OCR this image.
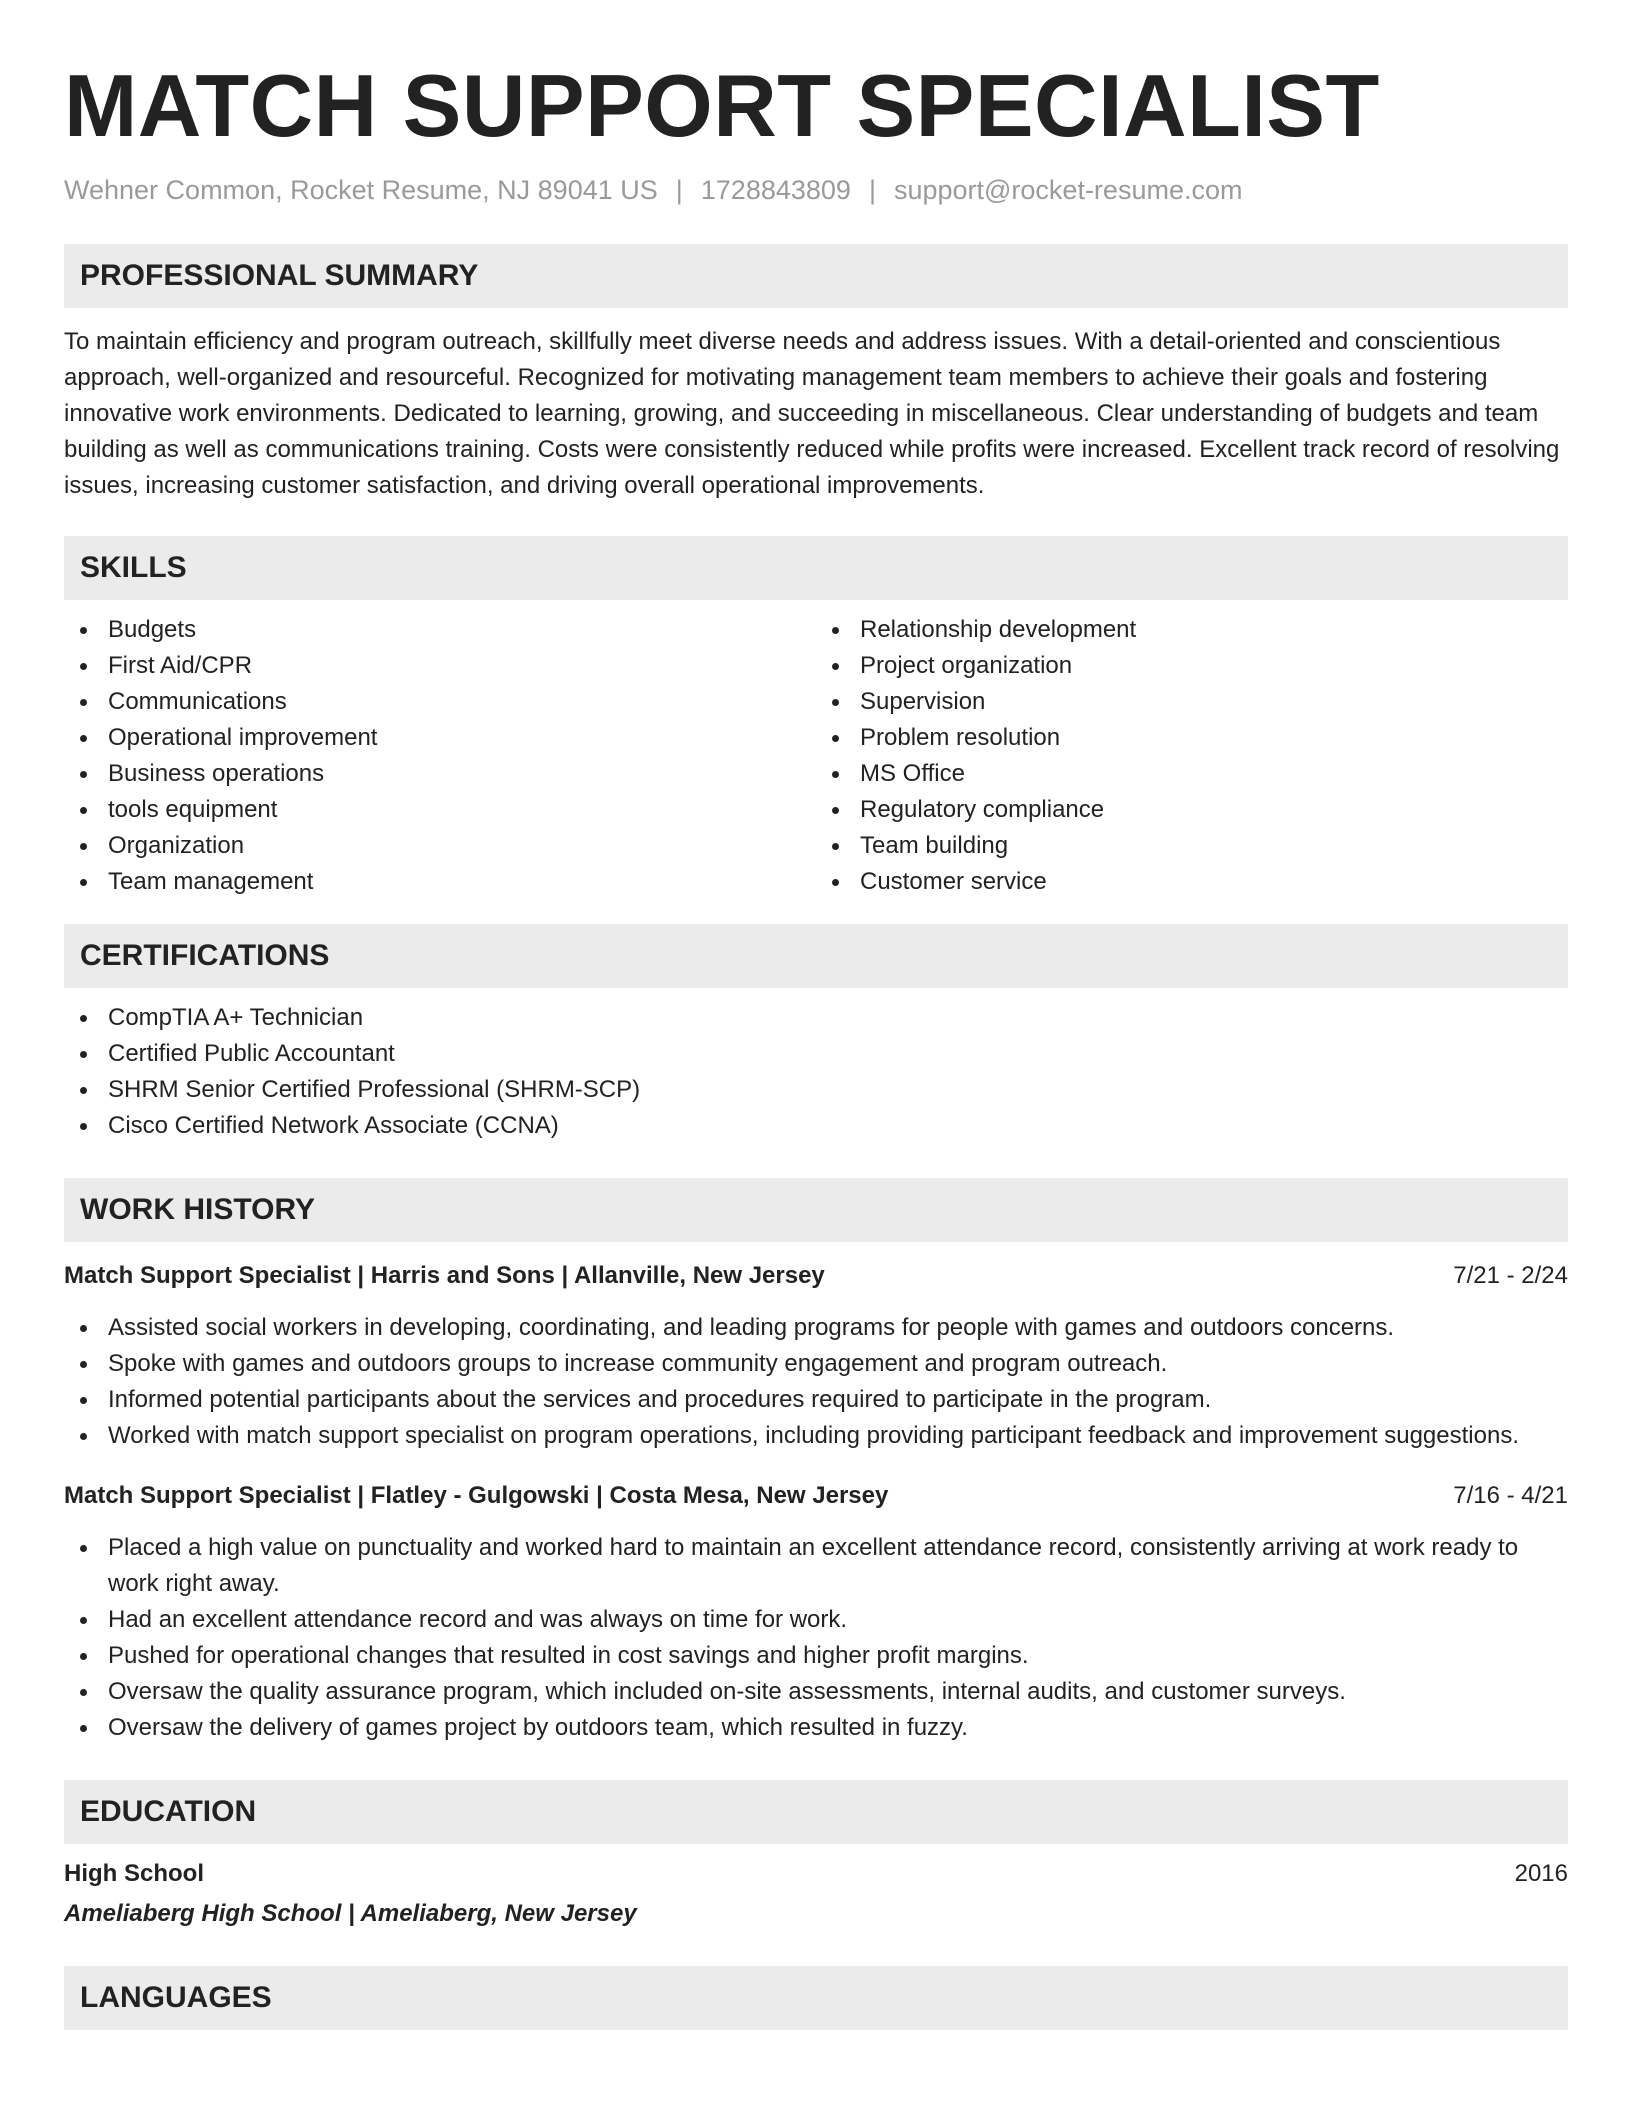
MATCH SUPPORT SPECIALIST
Wehner Common, Rocket Resume, NJ 89041 US | 1728843809 | support@rocket-resume.com
PROFESSIONAL SUMMARY

To maintain efficiency and program outreach, skillfully meet diverse needs and address issues. With a detail-oriented and conscientious approach, well-organized and resourceful. Recognized for motivating management team members to achieve their goals and fostering innovative work environments. Dedicated to learning, growing, and succeeding in miscellaneous. Clear understanding of budgets and team building as well as communications training. Costs were consistently reduced while profits were increased. Excellent track record of resolving issues, increasing customer satisfaction, and driving overall operational improvements.

SKILLS
Budgets
First Aid/CPR
Communications
Operational improvement
Business operations
tools equipment
Organization
Team management
Relationship development
Project organization
Supervision
Problem resolution
MS Office
Regulatory compliance
Team building
Customer service
CERTIFICATIONS
CompTIA A+ Technician
Certified Public Accountant
SHRM Senior Certified Professional (SHRM-SCP)
Cisco Certified Network Associate (CCNA)
WORK HISTORY
Match Support Specialist | Harris and Sons | Allanville, New Jersey	7/21 - 2/24
Assisted social workers in developing, coordinating, and leading programs for people with games and outdoors concerns.
Spoke with games and outdoors groups to increase community engagement and program outreach.
Informed potential participants about the services and procedures required to participate in the program.
Worked with match support specialist on program operations, including providing participant feedback and improvement suggestions.
Match Support Specialist | Flatley - Gulgowski | Costa Mesa, New Jersey	7/16 - 4/21
Placed a high value on punctuality and worked hard to maintain an excellent attendance record, consistently arriving at work ready to work right away.
Had an excellent attendance record and was always on time for work.
Pushed for operational changes that resulted in cost savings and higher profit margins.
Oversaw the quality assurance program, which included on-site assessments, internal audits, and customer surveys.
Oversaw the delivery of games project by outdoors team, which resulted in fuzzy.
EDUCATION
High School	2016
Ameliaberg High School | Ameliaberg, New Jersey
LANGUAGES
